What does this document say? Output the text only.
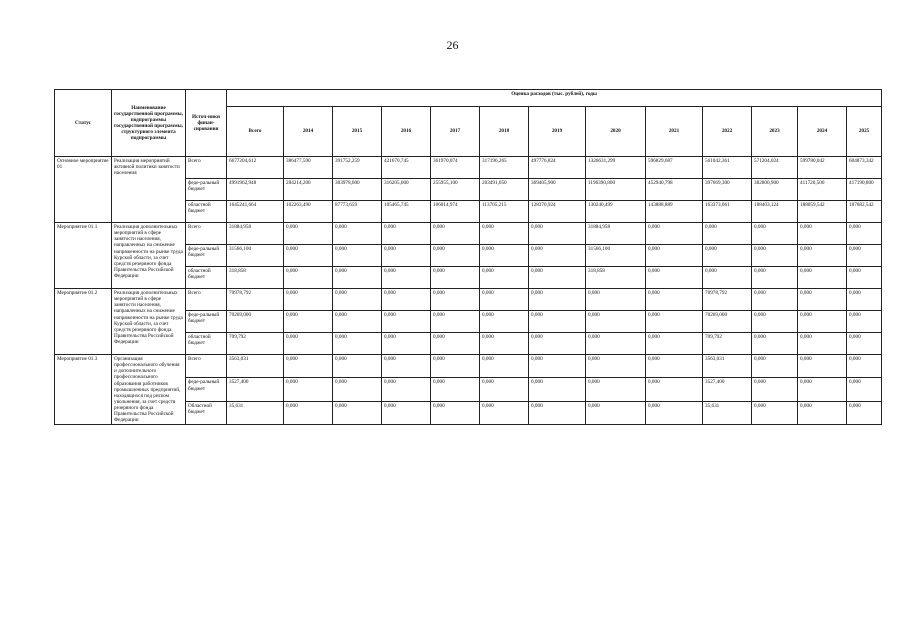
26
Статус	Наименование государственной программы, подпрограммы государственной программы, структурного элемента подпрограммы	Источ-ники финан-сирования	Оценка расходов (тыс. рублей), годы												
			Всего	2014	2015	2016	2017	2018	2019	2020	2021	2022	2023	2024	2025
Основное мероприятие 01	Реализация мероприятий активной политики занятости населения	Всего	6677204,612	386477,590	391752,259	421670,745	361970,074	317196,265	497776,824	1326631,299	596829,687	561042,361	571204,024	599780,042	604873,342
		феде-ральный бюджет	4991962,948	284214,200	303978,600	316205,000	255955,100	203491,050	369405,900	1196390,800	452940,798	397669,300	382800,900	411720,500	417190,800
		областной бюджет	1645241,664	102263,490	87773,659	105465,745	106014,974	113705,215	128370,924	130240,499	143888,889	163373,061	188403,124	188059,542	187682,542
Мероприятие 01.1	Реализация дополнительных мероприятий в сфере занятости населения, направленных на снижение напряженности на рынке труда Курской области, за счет средств резервного фонда Правительства Российской Федерации	Всего	31884,958	0,000	0,000	0,000	0,000	0,000	0,000	31884,958	0,000	0,000	0,000	0,000	0,000
		феде-ральный бюджет	31566,100	0,000	0,000	0,000	0,000	0,000	0,000	31566,100	0,000	0,000	0,000	0,000	0,000
		областной бюджет	318,858	0,000	0,000	0,000	0,000	0,000	0,000	318,858	0,000	0,000	0,000	0,000	0,000
Мероприятие 01.2	Реализация дополнительных мероприятий в сфере занятости населения, направленных на снижение напряженности на рынке труда Курской области, за счет средств резервного фонда Правительства Российской Федерации	Всего	70978,792	0,000	0,000	0,000	0,000	0,000	0,000	0,000	0,000	70978,792	0,000	0,000	0,000
		феде-ральный бюджет	70269,000	0,000	0,000	0,000	0,000	0,000	0,000	0,000	0,000	70269,000	0,000	0,000	0,000
		областной бюджет	709,792	0,000	0,000	0,000	0,000	0,000	0,000	0,000	0,000	709,792	0,000	0,000	0,000
Мероприятие 01.3	Организация профессионального обучения и дополнительного профессионального образования работников промышленных предприятий, находящихся под риском увольнения, за счет средств резервного фонда Правительства Российской Федерации	Всего	3563,031	0,000	0,000	0,000	0,000	0,000	0,000	0,000	0,000	3563,031	0,000	0,000	0,000
		феде-ральный бюджет	3527,400	0,000	0,000	0,000	0,000	0,000	0,000	0,000	0,000	3527,400	0,000	0,000	0,000
		Областной бюджет	35,631	0,000	0,000	0,000	0,000	0,000	0,000	0,000	0,000	35,631	0,000	0,000	0,000
